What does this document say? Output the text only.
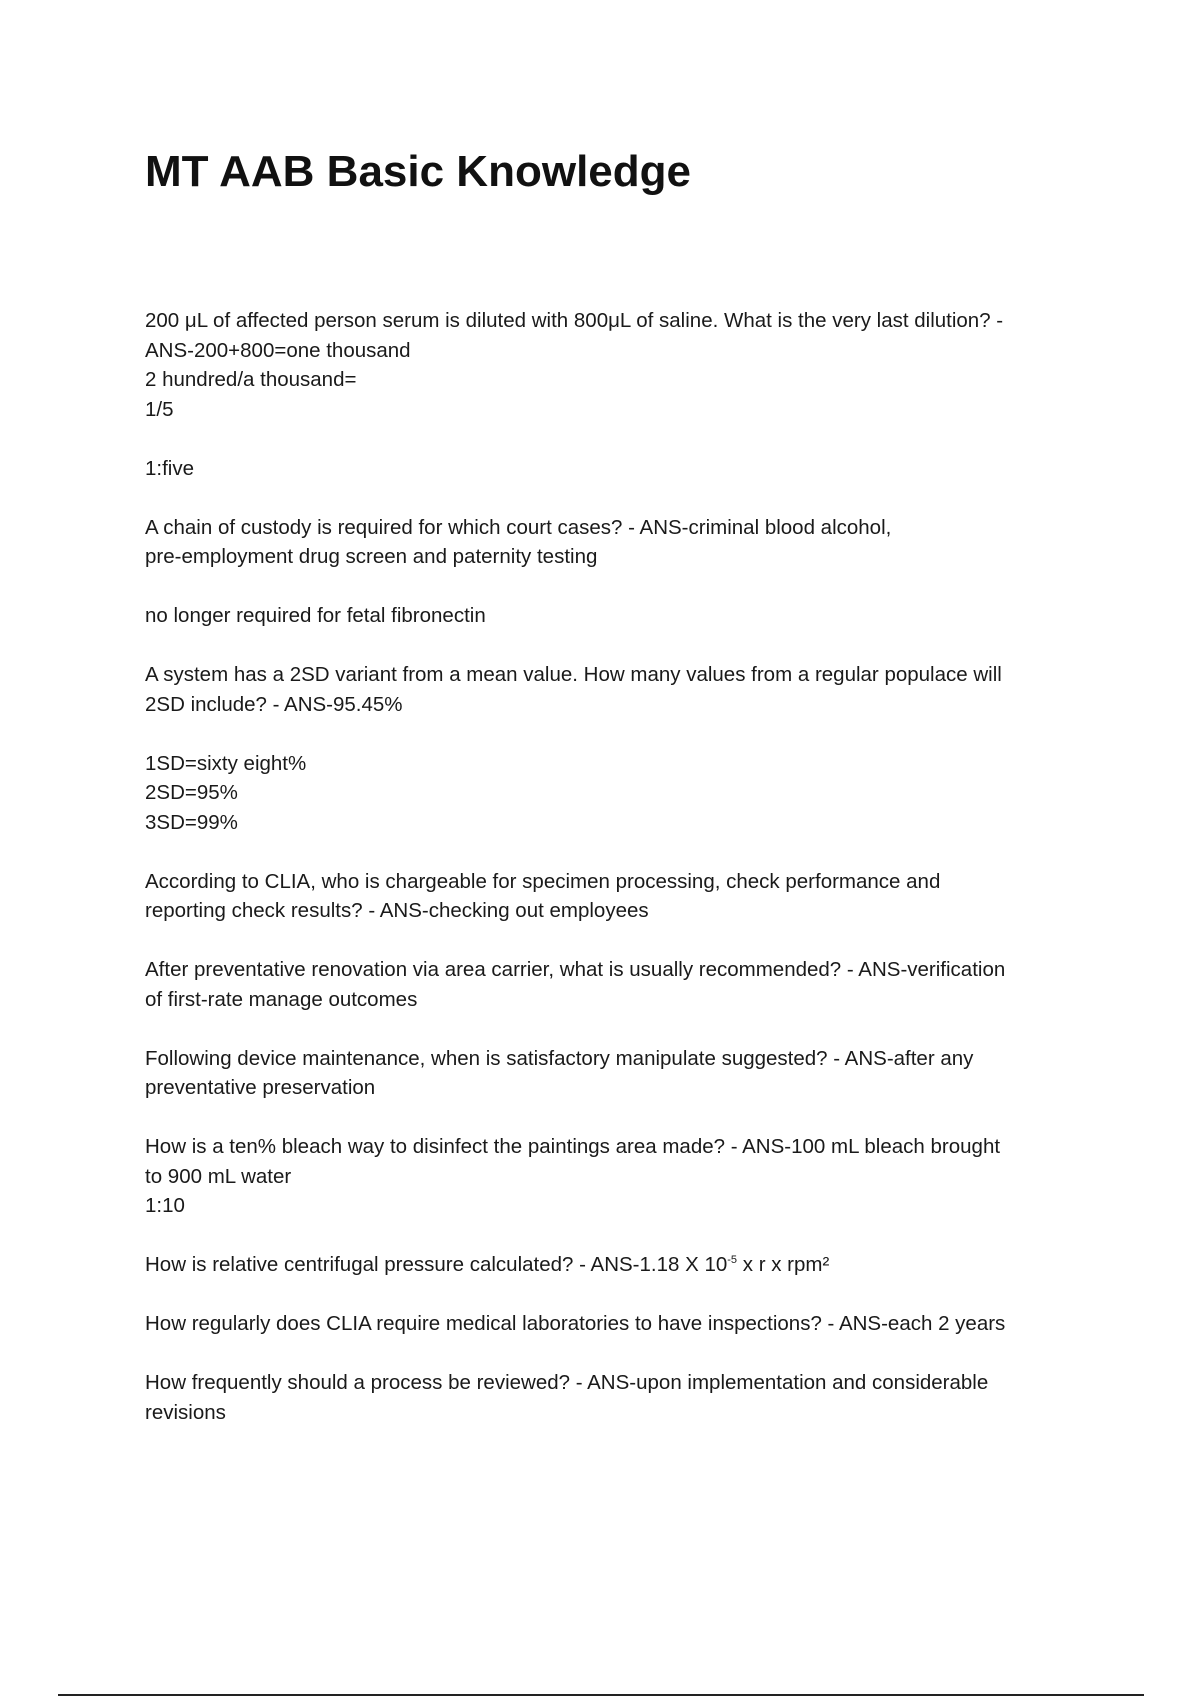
MT AAB Basic Knowledge
200 μL of affected person serum is diluted with 800μL of saline. What is the very last dilution? -
ANS-200+800=one thousand
2 hundred/a thousand=
1/5
1:five
A chain of custody is required for which court cases? - ANS-criminal blood alcohol,
pre-employment drug screen and paternity testing
no longer required for fetal fibronectin
A system has a 2SD variant from a mean value. How many values from a regular populace will
2SD include? - ANS-95.45%
1SD=sixty eight%
2SD=95%
3SD=99%
According to CLIA, who is chargeable for specimen processing, check performance and
reporting check results? - ANS-checking out employees
After preventative renovation via area carrier, what is usually recommended? - ANS-verification
of first-rate manage outcomes
Following device maintenance, when is satisfactory manipulate suggested? - ANS-after any
preventative preservation
How is a ten% bleach way to disinfect the paintings area made? - ANS-100 mL bleach brought
to 900 mL water
1:10
How is relative centrifugal pressure calculated? - ANS-1.18 X $10^{-5}$ x r x rpm²
How regularly does CLIA require medical laboratories to have inspections? - ANS-each 2 years
How frequently should a process be reviewed? - ANS-upon implementation and considerable
revisions
